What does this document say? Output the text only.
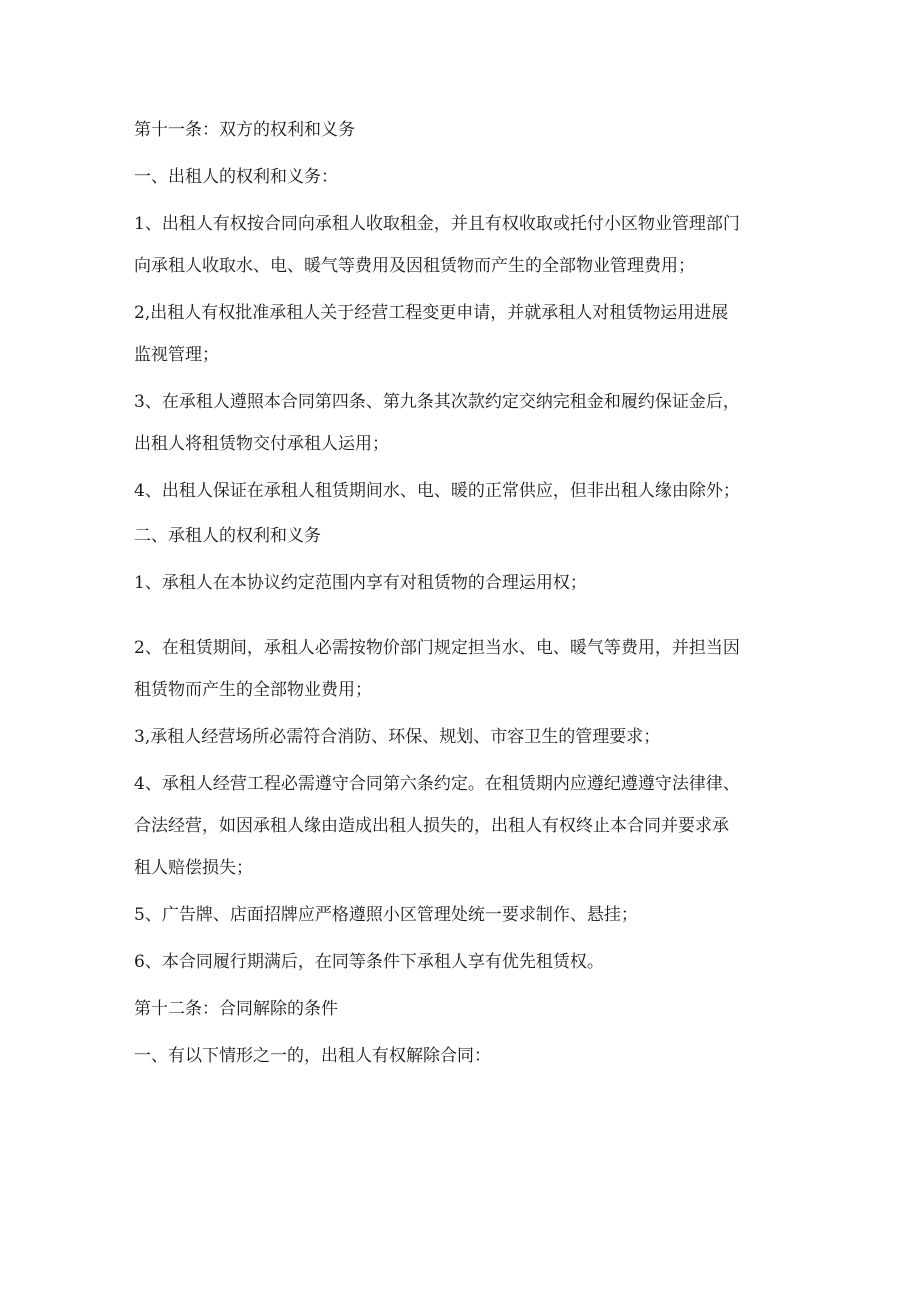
第十一条：双方的权利和义务

一、出租人的权利和义务：

1、出租人有权按合同向承租人收取租金，并且有权收取或托付小区物业管理部门
向承租人收取水、电、暖气等费用及因租赁物而产生的全部物业管理费用；
2,出租人有权批准承租人关于经营工程变更申请，并就承租人对租赁物运用进展
监视管理；
3、在承租人遵照本合同第四条、第九条其次款约定交纳完租金和履约保证金后，
出租人将租赁物交付承租人运用；

4、出租人保证在承租人租赁期间水、电、暖的正常供应，但非出租人缘由除外；

二、承租人的权利和义务

1、承租人在本协议约定范围内享有对租赁物的合理运用权；

2、在租赁期间，承租人必需按物价部门规定担当水、电、暖气等费用，并担当因
租赁物而产生的全部物业费用；

3,承租人经营场所必需符合消防、环保、规划、市容卫生的管理要求；

4、承租人经营工程必需遵守合同第六条约定。在租赁期内应遵纪遵遵守法律律、
合法经营，如因承租人缘由造成出租人损失的，出租人有权终止本合同并要求承
租人赔偿损失；

5、广告牌、店面招牌应严格遵照小区管理处统一要求制作、悬挂；

6、本合同履行期满后，在同等条件下承租人享有优先租赁权。

第十二条：合同解除的条件

一、有以下情形之一的，出租人有权解除合同：
